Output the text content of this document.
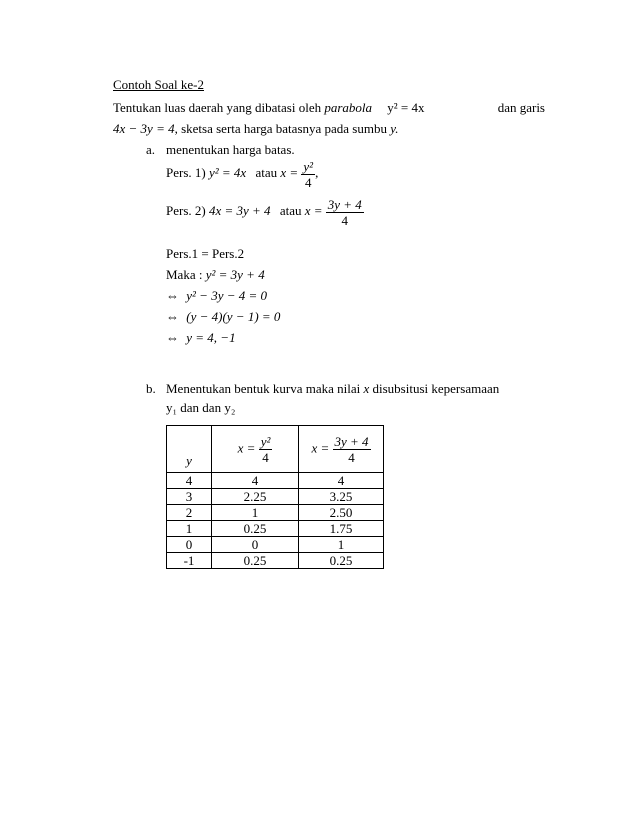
Contoh Soal ke-2
Tentukan luas daerah yang dibatasi oleh parabola y² = 4x	dan garis
4x − 3y = 4, sketsa serta harga batasnya pada sumbu y.
a. menentukan harga batas.
Pers. 1) y² = 4x atau $x = \frac{\text{y²}}{4}$ ,
Pers. 2) 4x = 3y + 4 atau $x = \frac{3y + 4}{4}$
Pers.1 = Pers.2
Maka : y² = 3y + 4
⇔ y² − 3y − 4 = 0
⇔ (y − 4)(y − 1) = 0
⇔ y = 4, −1
b. Menentukan bentuk kurva maka nilai x disubsitusi kepersamaan
y₁ dan dan y₂
y	$x = \frac{\text{y²}}{4}$	$x = \frac{3y + 4}{4}$

4	4	4
3	2.25	3.25
2	1	2.50
1	0.25	1.75
0	0	1
-1	0.25	0.25
